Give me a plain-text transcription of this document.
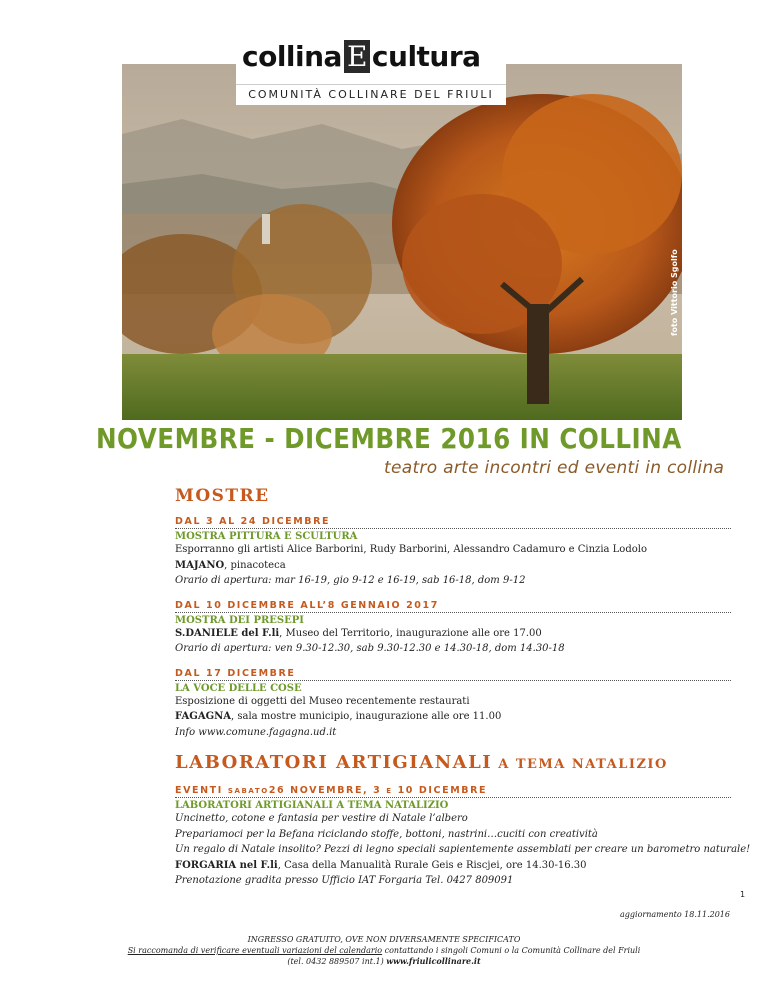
foto Vittorio Sgolfo
collina E cultura
COMUNITÀ COLLINARE DEL FRIULI
NOVEMBRE - DICEMBRE 2016 IN COLLINA
teatro arte incontri ed eventi in collina
MOSTRE
DAL 3 AL 24 DICEMBRE
MOSTRA PITTURA E SCULTURA
Esporranno gli artisti Alice Barborini, Rudy Barborini, Alessandro Cadamuro e Cinzia Lodolo
MAJANO, pinacoteca
Orario di apertura: mar 16-19, gio 9-12 e 16-19, sab 16-18, dom 9-12
DAL 10 DICEMBRE ALL’8 GENNAIO 2017
MOSTRA DEI PRESEPI
S.DANIELE del F.li, Museo del Territorio, inaugurazione alle ore 17.00
Orario di apertura: ven 9.30-12.30, sab 9.30-12.30 e 14.30-18, dom 14.30-18
DAL 17 DICEMBRE
LA VOCE DELLE COSE
Esposizione di oggetti del Museo recentemente restaurati
FAGAGNA, sala mostre municipio, inaugurazione alle ore 11.00
Info www.comune.fagagna.ud.it
LABORATORI ARTIGIANALI A TEMA NATALIZIO
EVENTI SABATO26 NOVEMBRE, 3 E 10 DICEMBRE
LABORATORI ARTIGIANALI A TEMA NATALIZIO
Uncinetto, cotone e fantasia per vestire di Natale l’albero
Prepariamoci per la Befana riciclando stoffe, bottoni, nastrini…cuciti con creatività
Un regalo di Natale insolito? Pezzi di legno speciali sapientemente assemblati per creare un barometro naturale!
FORGARIA nel F.li, Casa della Manualità Rurale Geis e Riscjei, ore 14.30-16.30
Prenotazione gradita presso Ufficio IAT Forgaria Tel. 0427 809091
1
aggiornamento 18.11.2016
INGRESSO GRATUITO, OVE NON DIVERSAMENTE SPECIFICATO
Si raccomanda di verificare eventuali variazioni del calendario contattando i singoli Comuni o la Comunità Collinare del Friuli
(tel. 0432 889507 int.1) www.friulicollinare.it
